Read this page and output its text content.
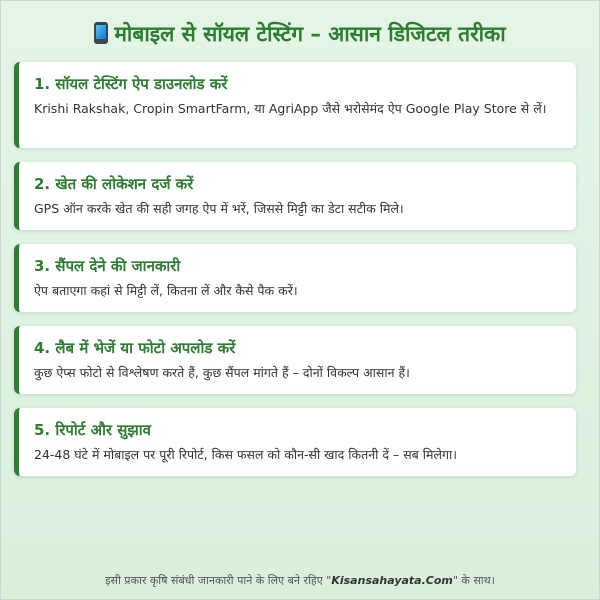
मोबाइल से सॉयल टेस्टिंग – आसान डिजिटल तरीका
1. सॉयल टेस्टिंग ऐप डाउनलोड करें
Krishi Rakshak, Cropin SmartFarm, या AgriApp जैसे भरोसेमंद ऐप Google Play Store से लें।
2. खेत की लोकेशन दर्ज करें
GPS ऑन करके खेत की सही जगह ऐप में भरें, जिससे मिट्टी का डेटा सटीक मिले।
3. सैंपल देने की जानकारी
ऐप बताएगा कहां से मिट्टी लें, कितना लें और कैसे पैक करें।
4. लैब में भेजें या फोटो अपलोड करें
कुछ ऐप्स फोटो से विश्लेषण करते हैं, कुछ सैंपल मांगते हैं – दोनों विकल्प आसान हैं।
5. रिपोर्ट और सुझाव
24-48 घंटे में मोबाइल पर पूरी रिपोर्ट, किस फसल को कौन-सी खाद कितनी दें – सब मिलेगा।
इसी प्रकार कृषि संबंधी जानकारी पाने के लिए बने रहिए "Kisansahayata.Com" के साथ।
